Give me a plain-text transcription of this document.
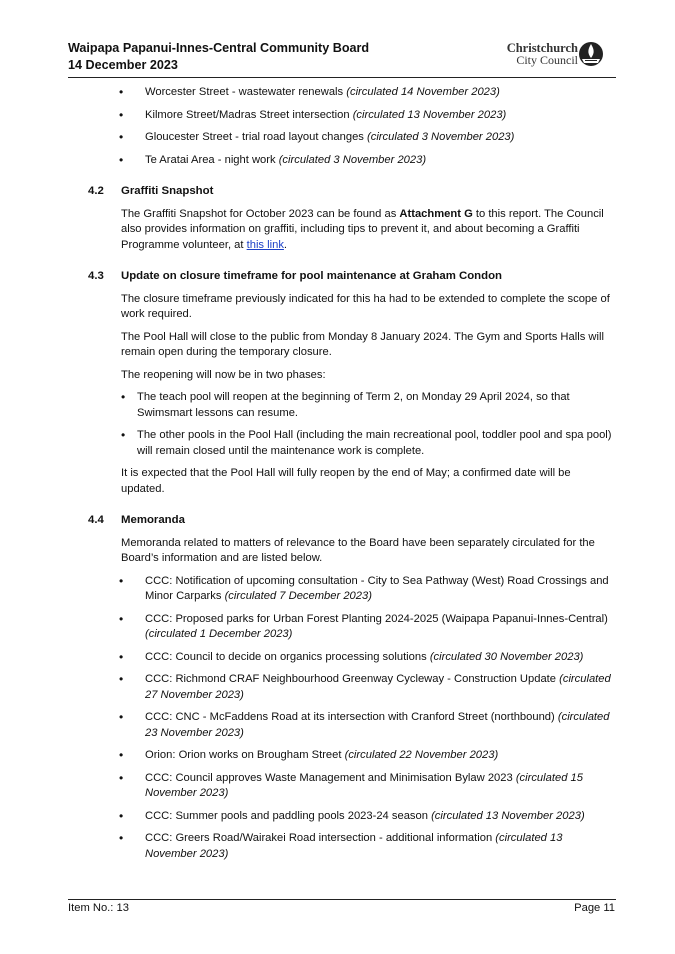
Waipapa Papanui-Innes-Central Community Board
14 December 2023
Christchurch
City Council
• Worcester Street - wastewater renewals (circulated 14 November 2023)
• Kilmore Street/Madras Street intersection (circulated 13 November 2023)
• Gloucester Street - trial road layout changes (circulated 3 November 2023)
• Te Aratai Area - night work (circulated 3 November 2023)
4.2 Graffiti Snapshot

The Graffiti Snapshot for October 2023 can be found as Attachment G to this report. The Council also provides information on graffiti, including tips to prevent it, and about becoming a Graffiti Programme volunteer, at this link.

4.3 Update on closure timeframe for pool maintenance at Graham Condon

The closure timeframe previously indicated for this ha had to be extended to complete the scope of work required.

The Pool Hall will close to the public from Monday 8 January 2024. The Gym and Sports Halls will remain open during the temporary closure.

The reopening will now be in two phases:

• The teach pool will reopen at the beginning of Term 2, on Monday 29 April 2024, so that Swimsmart lessons can resume.
• The other pools in the Pool Hall (including the main recreational pool, toddler pool and spa pool) will remain closed until the maintenance work is complete.

It is expected that the Pool Hall will fully reopen by the end of May; a confirmed date will be updated.

4.4 Memoranda

Memoranda related to matters of relevance to the Board have been separately circulated for the Board’s information and are listed below.

• CCC: Notification of upcoming consultation - City to Sea Pathway (West) Road Crossings and Minor Carparks (circulated 7 December 2023)
• CCC: Proposed parks for Urban Forest Planting 2024-2025 (Waipapa Papanui-Innes-Central) (circulated 1 December 2023)
• CCC: Council to decide on organics processing solutions (circulated 30 November 2023)
• CCC: Richmond CRAF Neighbourhood Greenway Cycleway - Construction Update (circulated 27 November 2023)
• CCC: CNC - McFaddens Road at its intersection with Cranford Street (northbound) (circulated 23 November 2023)
• Orion: Orion works on Brougham Street (circulated 22 November 2023)
• CCC: Council approves Waste Management and Minimisation Bylaw 2023 (circulated 15 November 2023)
• CCC: Summer pools and paddling pools 2023-24 season (circulated 13 November 2023)
• CCC: Greers Road/Wairakei Road intersection - additional information (circulated 13 November 2023)
Item No.: 13	Page 11
